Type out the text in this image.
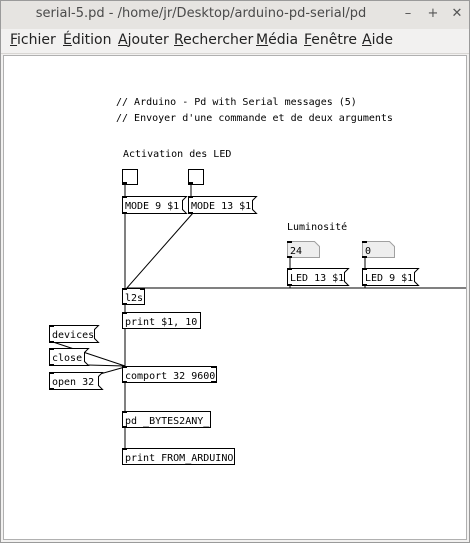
serial-5.pd - /home/jr/Desktop/arduino-pd-serial/pd	–	+	✕
Fichier Édition Ajouter Rechercher Média Fenêtre Aide
// Arduino - Pd with Serial messages (5)
// Envoyer d'une commande et de deux arguments
Activation des LED
Luminosité
MODE 9 $1 MODE 13 $1
24	0
LED 13 $1 LED 9 $1
l2s
print $1, 10
devices
close
open 32
comport 32 9600
pd _BYTES2ANY_
print FROM_ARDUINO
